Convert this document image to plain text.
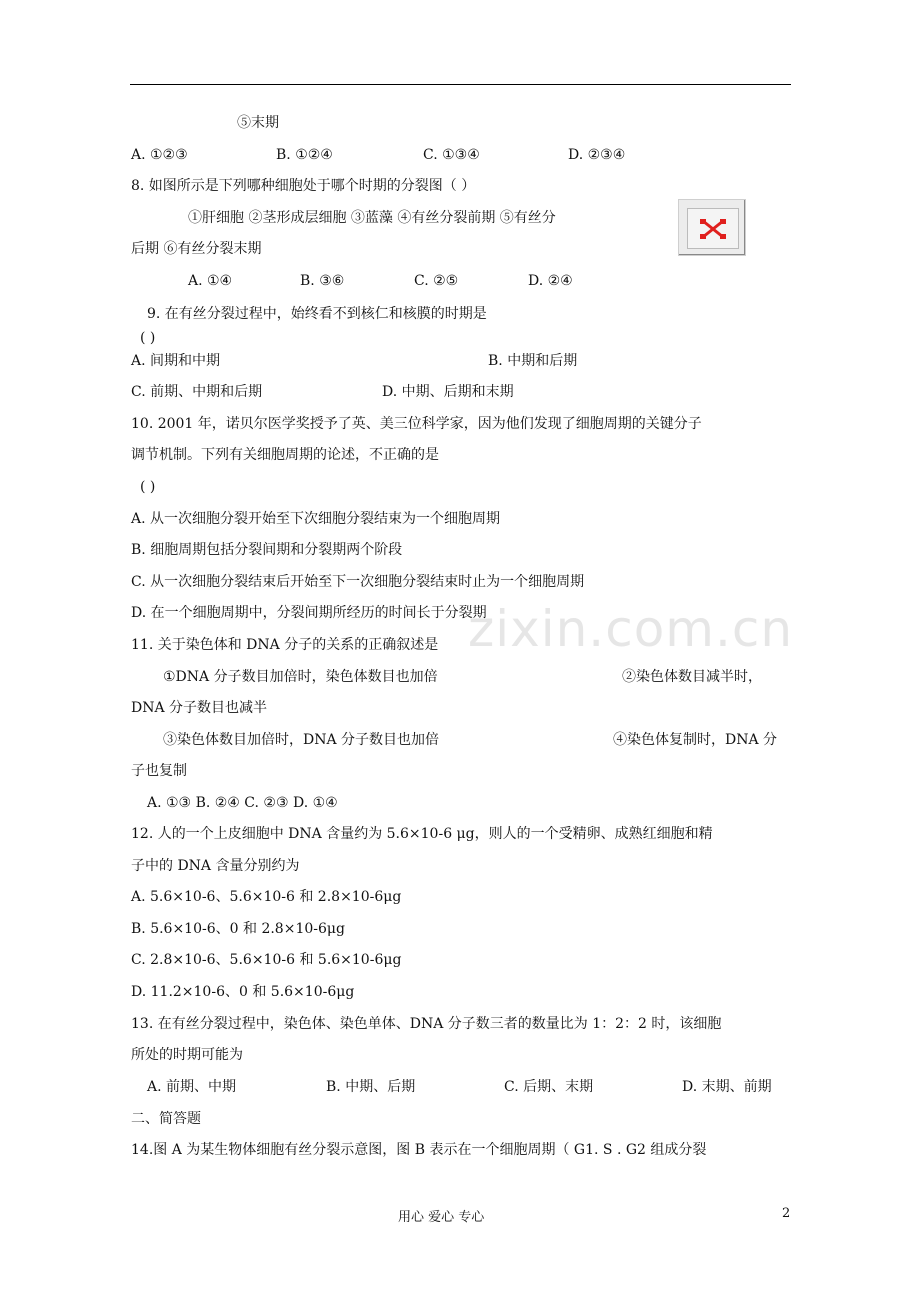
zixin.com.cn
⑤末期
A. ①②③	B. ①②④	C. ①③④	D. ②③④
8. 如图所示是下列哪种细胞处于哪个时期的分裂图（ ）
①肝细胞 ②茎形成层细胞 ③蓝藻 ④有丝分裂前期 ⑤有丝分
后期 ⑥有丝分裂末期
A. ①④	B. ③⑥	C. ②⑤	D. ②④
9. 在有丝分裂过程中，始终看不到核仁和核膜的时期是
( )
A. 间期和中期	B. 中期和后期
C. 前期、中期和后期	D. 中期、后期和末期
10. 2001 年，诺贝尔医学奖授予了英、美三位科学家，因为他们发现了细胞周期的关键分子
调节机制。下列有关细胞周期的论述，不正确的是
( )
A. 从一次细胞分裂开始至下次细胞分裂结束为一个细胞周期
B. 细胞周期包括分裂间期和分裂期两个阶段
C. 从一次细胞分裂结束后开始至下一次细胞分裂结束时止为一个细胞周期
D. 在一个细胞周期中，分裂间期所经历的时间长于分裂期
11. 关于染色体和 DNA 分子的关系的正确叙述是
①DNA 分子数目加倍时，染色体数目也加倍	②染色体数目减半时，
DNA 分子数目也减半
③染色体数目加倍时，DNA 分子数目也加倍	④染色体复制时，DNA 分
子也复制
A. ①③ B. ②④ C. ②③ D. ①④
12. 人的一个上皮细胞中 DNA 含量约为 5.6×10-6 μg，则人的一个受精卵、成熟红细胞和精
子中的 DNA 含量分别约为
A. 5.6×10-6、5.6×10-6 和 2.8×10-6μg
B. 5.6×10-6、0 和 2.8×10-6μg
C. 2.8×10-6、5.6×10-6 和 5.6×10-6μg
D. 11.2×10-6、0 和 5.6×10-6μg
13. 在有丝分裂过程中，染色体、染色单体、DNA 分子数三者的数量比为 1：2：2 时，该细胞
所处的时期可能为
A. 前期、中期	B. 中期、后期	C. 后期、末期	D. 末期、前期
二、简答题
14.图 A 为某生物体细胞有丝分裂示意图，图 B 表示在一个细胞周期（ G1. S . G2 组成分裂
用心 爱心 专心	2
